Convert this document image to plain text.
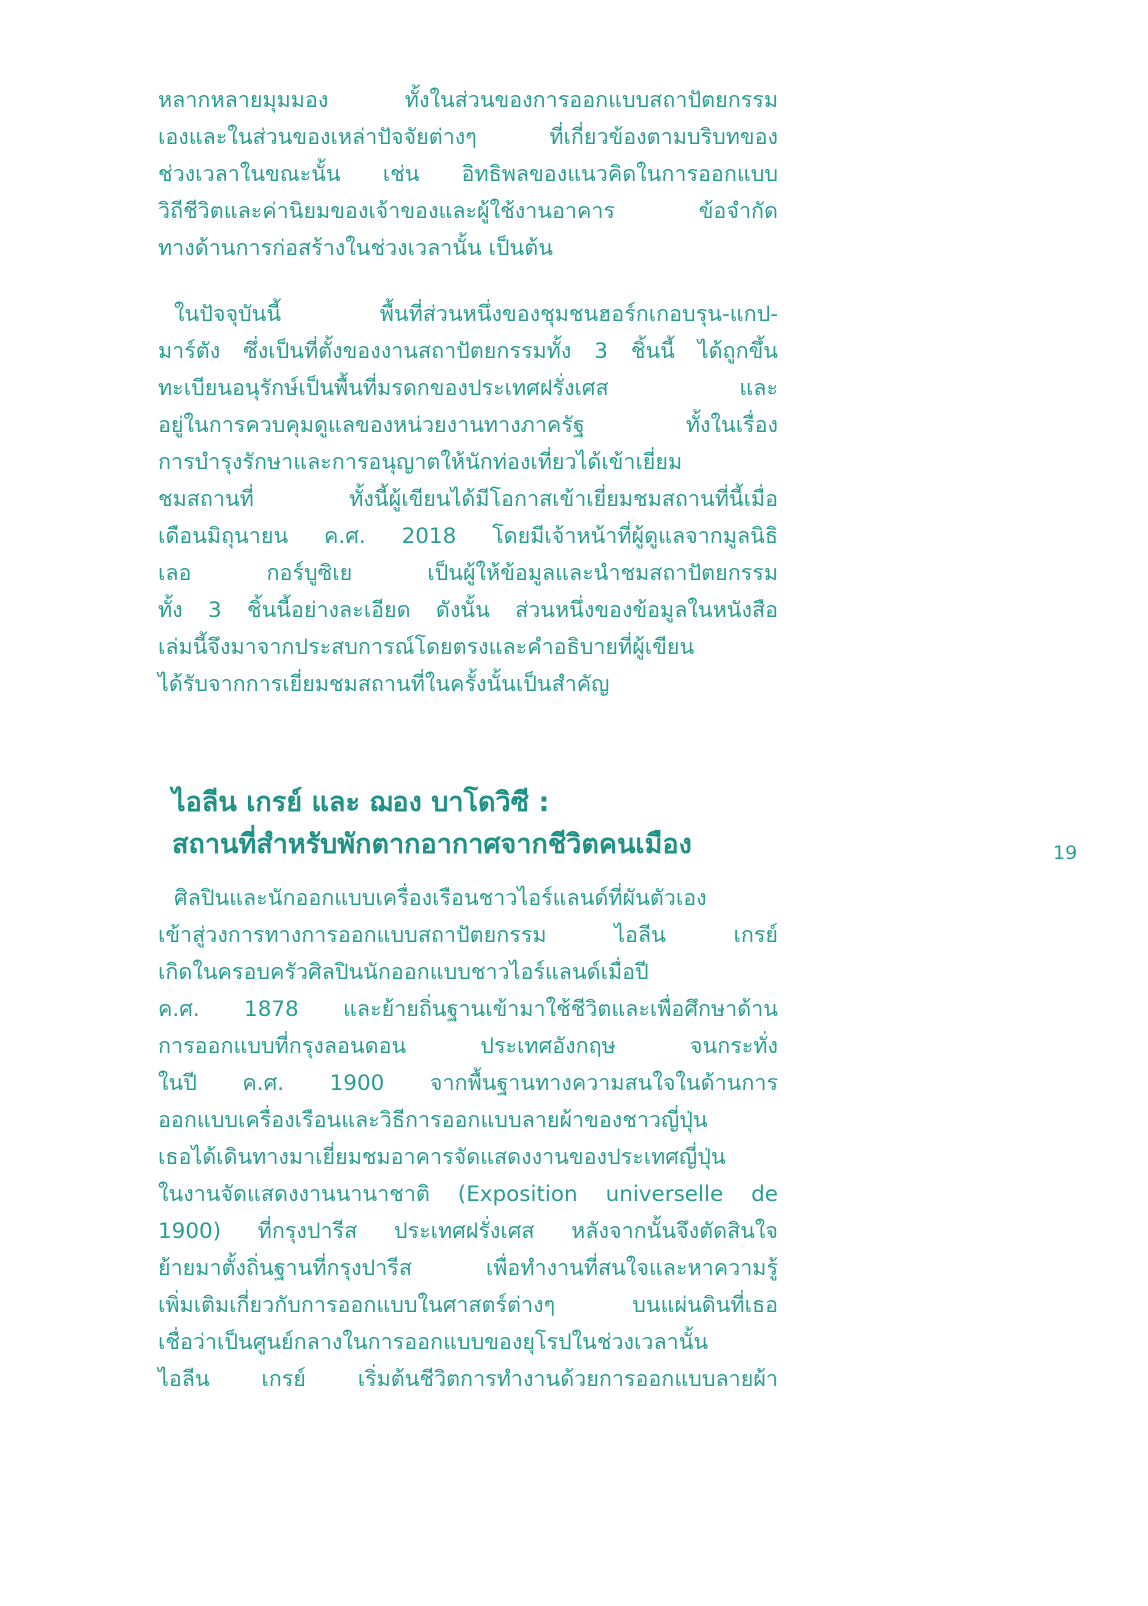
หลากหลายมุมมอง ทั้งในส่วนของการออกแบบสถาปัตยกรรม
เองและในส่วนของเหล่าปัจจัยต่างๆ ที่เกี่ยวข้องตามบริบทของ
ช่วงเวลาในขณะนั้น เช่น อิทธิพลของแนวคิดในการออกแบบ
วิถีชีวิตและค่านิยมของเจ้าของและผู้ใช้งานอาคาร ข้อจำกัด
ทางด้านการก่อสร้างในช่วงเวลานั้น เป็นต้น
ในปัจจุบันนี้ พื้นที่ส่วนหนึ่งของชุมชนฮอร์กเกอบรุน-แกป-
มาร์ตัง ซึ่งเป็นที่ตั้งของงานสถาปัตยกรรมทั้ง 3 ชิ้นนี้ ได้ถูกขึ้น
ทะเบียนอนุรักษ์เป็นพื้นที่มรดกของประเทศฝรั่งเศส และ
อยู่ในการควบคุมดูแลของหน่วยงานทางภาครัฐ ทั้งในเรื่อง
การบำรุงรักษาและการอนุญาตให้นักท่องเที่ยวได้เข้าเยี่ยม
ชมสถานที่ ทั้งนี้ผู้เขียนได้มีโอกาสเข้าเยี่ยมชมสถานที่นี้เมื่อ
เดือนมิถุนายน ค.ศ. 2018 โดยมีเจ้าหน้าที่ผู้ดูแลจากมูลนิธิ
เลอ กอร์บูซิเย เป็นผู้ให้ข้อมูลและนำชมสถาปัตยกรรม
ทั้ง 3 ชิ้นนี้อย่างละเอียด ดังนั้น ส่วนหนึ่งของข้อมูลในหนังสือ
เล่มนี้จึงมาจากประสบการณ์โดยตรงและคำอธิบายที่ผู้เขียน
ได้รับจากการเยี่ยมชมสถานที่ในครั้งนั้นเป็นสำคัญ
ไอลีน เกรย์ และ ฌอง บาโดวิซี :
สถานที่สำหรับพักตากอากาศจากชีวิตคนเมือง	19
ศิลปินและนักออกแบบเครื่องเรือนชาวไอร์แลนด์ที่ผันตัวเอง
เข้าสู่วงการทางการออกแบบสถาปัตยกรรม ไอลีน เกรย์
เกิดในครอบครัวศิลปินนักออกแบบชาวไอร์แลนด์เมื่อปี
ค.ศ. 1878 และย้ายถิ่นฐานเข้ามาใช้ชีวิตและเพื่อศึกษาด้าน
การออกแบบที่กรุงลอนดอน ประเทศอังกฤษ จนกระทั่ง
ในปี ค.ศ. 1900 จากพื้นฐานทางความสนใจในด้านการ
ออกแบบเครื่องเรือนและวิธีการออกแบบลายผ้าของชาวญี่ปุ่น
เธอได้เดินทางมาเยี่ยมชมอาคารจัดแสดงงานของประเทศญี่ปุ่น
ในงานจัดแสดงงานนานาชาติ (Exposition universelle de
1900) ที่กรุงปารีส ประเทศฝรั่งเศส หลังจากนั้นจึงตัดสินใจ
ย้ายมาตั้งถิ่นฐานที่กรุงปารีส เพื่อทำงานที่สนใจและหาความรู้
เพิ่มเติมเกี่ยวกับการออกแบบในศาสตร์ต่างๆ บนแผ่นดินที่เธอ
เชื่อว่าเป็นศูนย์กลางในการออกแบบของยุโรปในช่วงเวลานั้น
ไอลีน เกรย์ เริ่มต้นชีวิตการทำงานด้วยการออกแบบลายผ้า
